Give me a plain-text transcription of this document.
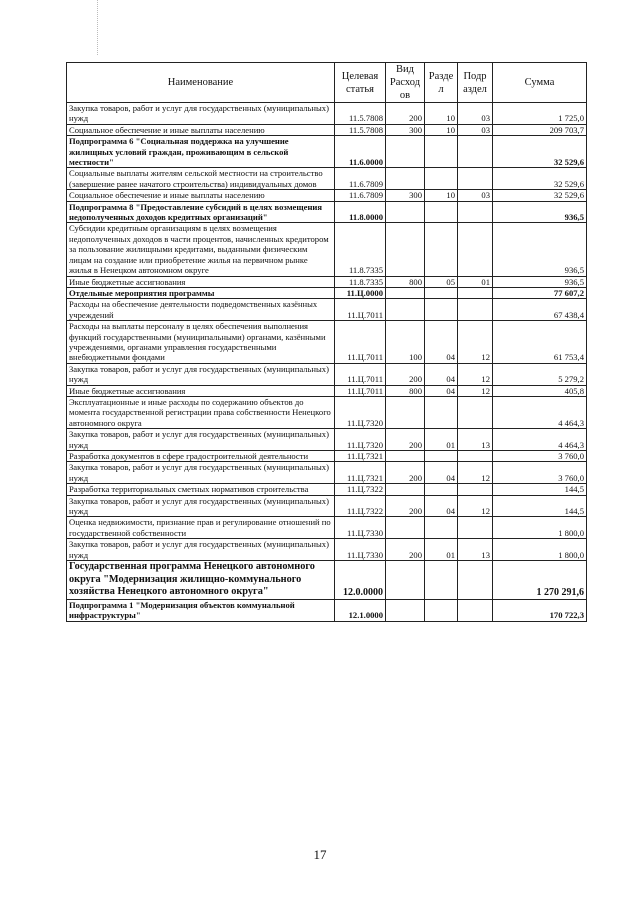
Наименование	Целевая статья	Вид Расход ов	Разде л	Подр аздел	Сумма
Закупка товаров, работ и услуг для государственных (муниципальных) нужд	11.5.7808	200	10	03	1 725,0
Социальное обеспечение и иные выплаты населению	11.5.7808	300	10	03	209 703,7
Подпрограмма 6 "Социальная поддержка на улучшение жилищных условий граждан, проживающим в сельской местности"	11.6.0000				32 529,6
Социальные выплаты жителям сельской местности на строительство (завершение ранее начатого строительства) индивидуальных домов	11.6.7809				32 529,6
Социальное обеспечение и иные выплаты населению	11.6.7809	300	10	03	32 529,6
Подпрограмма 8 "Предоставление субсидий в целях возмещения недополученных доходов кредитных организаций"	11.8.0000				936,5
Субсидии кредитным организациям в целях возмещения недополученных доходов в части процентов, начисленных кредитором за пользование жилищными кредитами, выданными физическим лицам на создание или приобретение жилья на первичном рынке жилья в Ненецком автономном округе	11.8.7335				936,5
Иные бюджетные ассигнования	11.8.7335	800	05	01	936,5
Отдельные мероприятия программы	11.Ц.0000				77 607,2
Расходы на обеспечение деятельности подведомственных казённых учреждений	11.Ц.7011				67 438,4
Расходы на выплаты персоналу в целях обеспечения выполнения функций государственными (муниципальными) органами, казёнными учреждениями, органами управления государственными внебюджетными фондами	11.Ц.7011	100	04	12	61 753,4
Закупка товаров, работ и услуг для государственных (муниципальных) нужд	11.Ц.7011	200	04	12	5 279,2
Иные бюджетные ассигнования	11.Ц.7011	800	04	12	405,8
Эксплуатационные и иные расходы по содержанию объектов до момента государственной регистрации права собственности Ненецкого автономного округа	11.Ц.7320				4 464,3
Закупка товаров, работ и услуг для государственных (муниципальных) нужд	11.Ц.7320	200	01	13	4 464,3
Разработка документов в сфере градостроительной деятельности	11.Ц.7321				3 760,0
Закупка товаров, работ и услуг для государственных (муниципальных) нужд	11.Ц.7321	200	04	12	3 760,0
Разработка территориальных сметных нормативов строительства	11.Ц.7322				144,5
Закупка товаров, работ и услуг для государственных (муниципальных) нужд	11.Ц.7322	200	04	12	144,5
Оценка недвижимости, признание прав и регулирование отношений по государственной собственности	11.Ц.7330				1 800,0
Закупка товаров, работ и услуг для государственных (муниципальных) нужд	11.Ц.7330	200	01	13	1 800,0
Государственная программа Ненецкого автономного округа "Модернизация жилищно-коммунального хозяйства Ненецкого автономного округа"	12.0.0000				1 270 291,6
Подпрограмма 1 "Модернизация объектов коммунальной инфраструктуры"	12.1.0000				170 722,3
17
